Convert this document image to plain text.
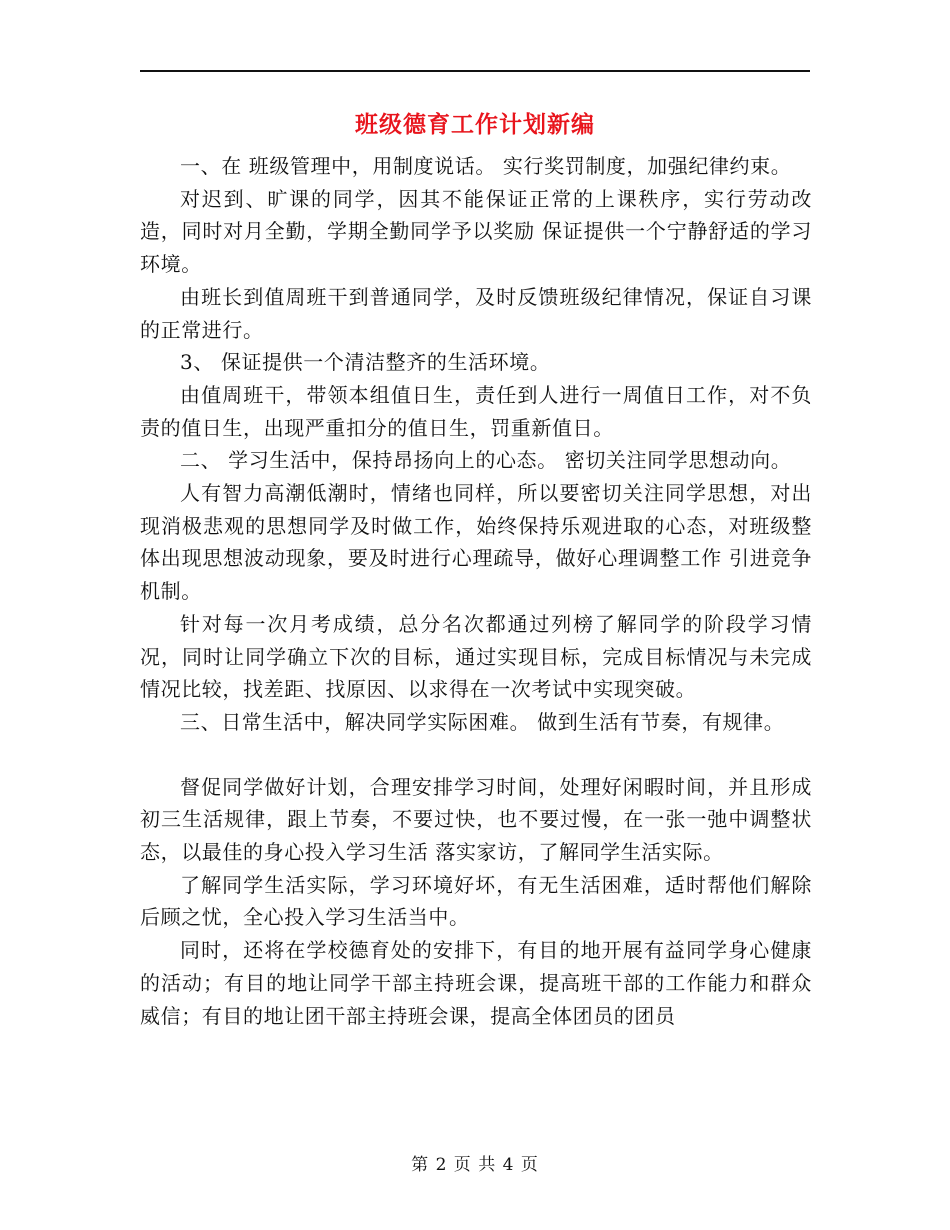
班级德育工作计划新编

一、在 班级管理中，用制度说话。 实行奖罚制度，加强纪律约束。

对迟到、旷课的同学，因其不能保证正常的上课秩序，实行劳动改造，同时对月全勤，学期全勤同学予以奖励 保证提供一个宁静舒适的学习环境。

由班长到值周班干到普通同学，及时反馈班级纪律情况，保证自习课的正常进行。

3、 保证提供一个清洁整齐的生活环境。

由值周班干，带领本组值日生，责任到人进行一周值日工作，对不负责的值日生，出现严重扣分的值日生，罚重新值日。

二、 学习生活中，保持昂扬向上的心态。 密切关注同学思想动向。

人有智力高潮低潮时，情绪也同样，所以要密切关注同学思想，对出现消极悲观的思想同学及时做工作，始终保持乐观进取的心态，对班级整体出现思想波动现象，要及时进行心理疏导，做好心理调整工作 引进竞争机制。

针对每一次月考成绩，总分名次都通过列榜了解同学的阶段学习情况，同时让同学确立下次的目标，通过实现目标，完成目标情况与未完成情况比较，找差距、找原因、以求得在一次考试中实现突破。

三、日常生活中，解决同学实际困难。 做到生活有节奏，有规律。

督促同学做好计划，合理安排学习时间，处理好闲暇时间，并且形成初三生活规律，跟上节奏，不要过快，也不要过慢，在一张一弛中调整状态，以最佳的身心投入学习生活 落实家访，了解同学生活实际。

了解同学生活实际，学习环境好坏，有无生活困难，适时帮他们解除后顾之忧，全心投入学习生活当中。

同时，还将在学校德育处的安排下，有目的地开展有益同学身心健康的活动；有目的地让同学干部主持班会课，提高班干部的工作能力和群众威信；有目的地让团干部主持班会课，提高全体团员的团员

第 2 页 共 4 页
